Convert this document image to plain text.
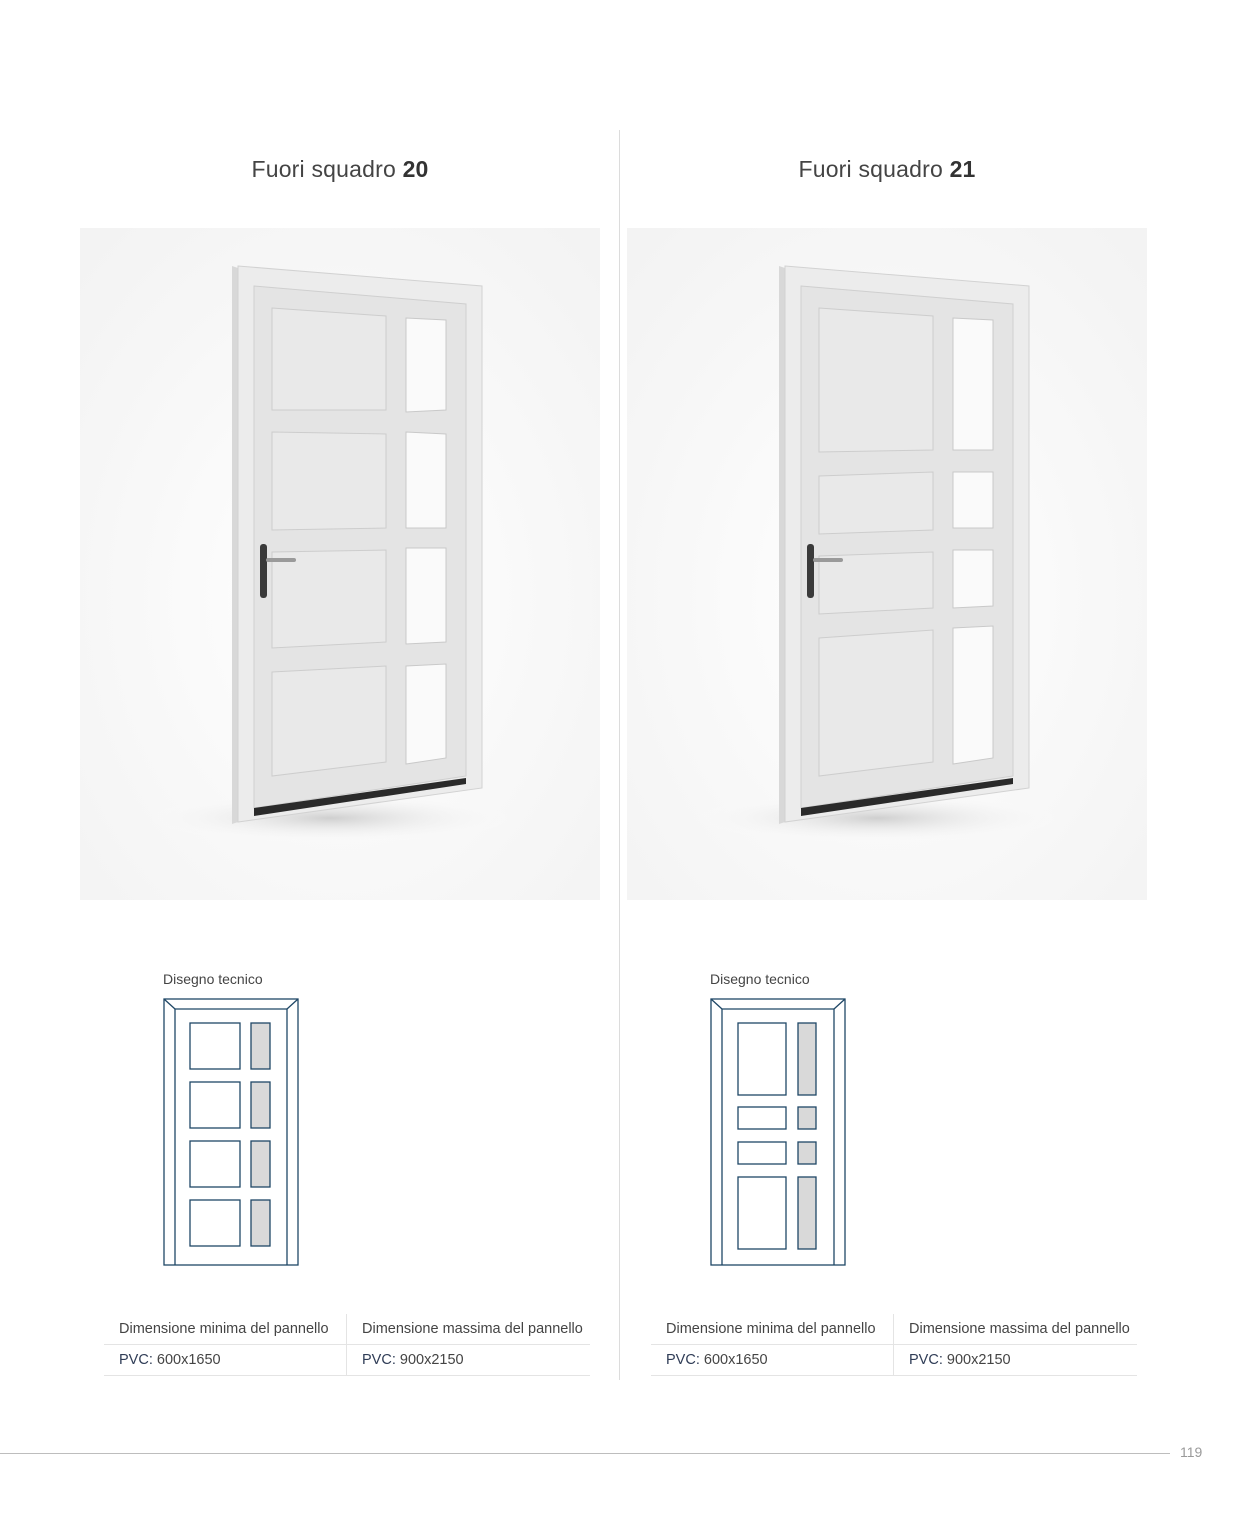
Fuori squadro 20
Disegno tecnico
Dimensione minima del pannello	Dimensione massima del pannello
PVC: 600x1650	PVC: 900x2150
Fuori squadro 21
Disegno tecnico
Dimensione minima del pannello	Dimensione massima del pannello
PVC: 600x1650	PVC: 900x2150
119
